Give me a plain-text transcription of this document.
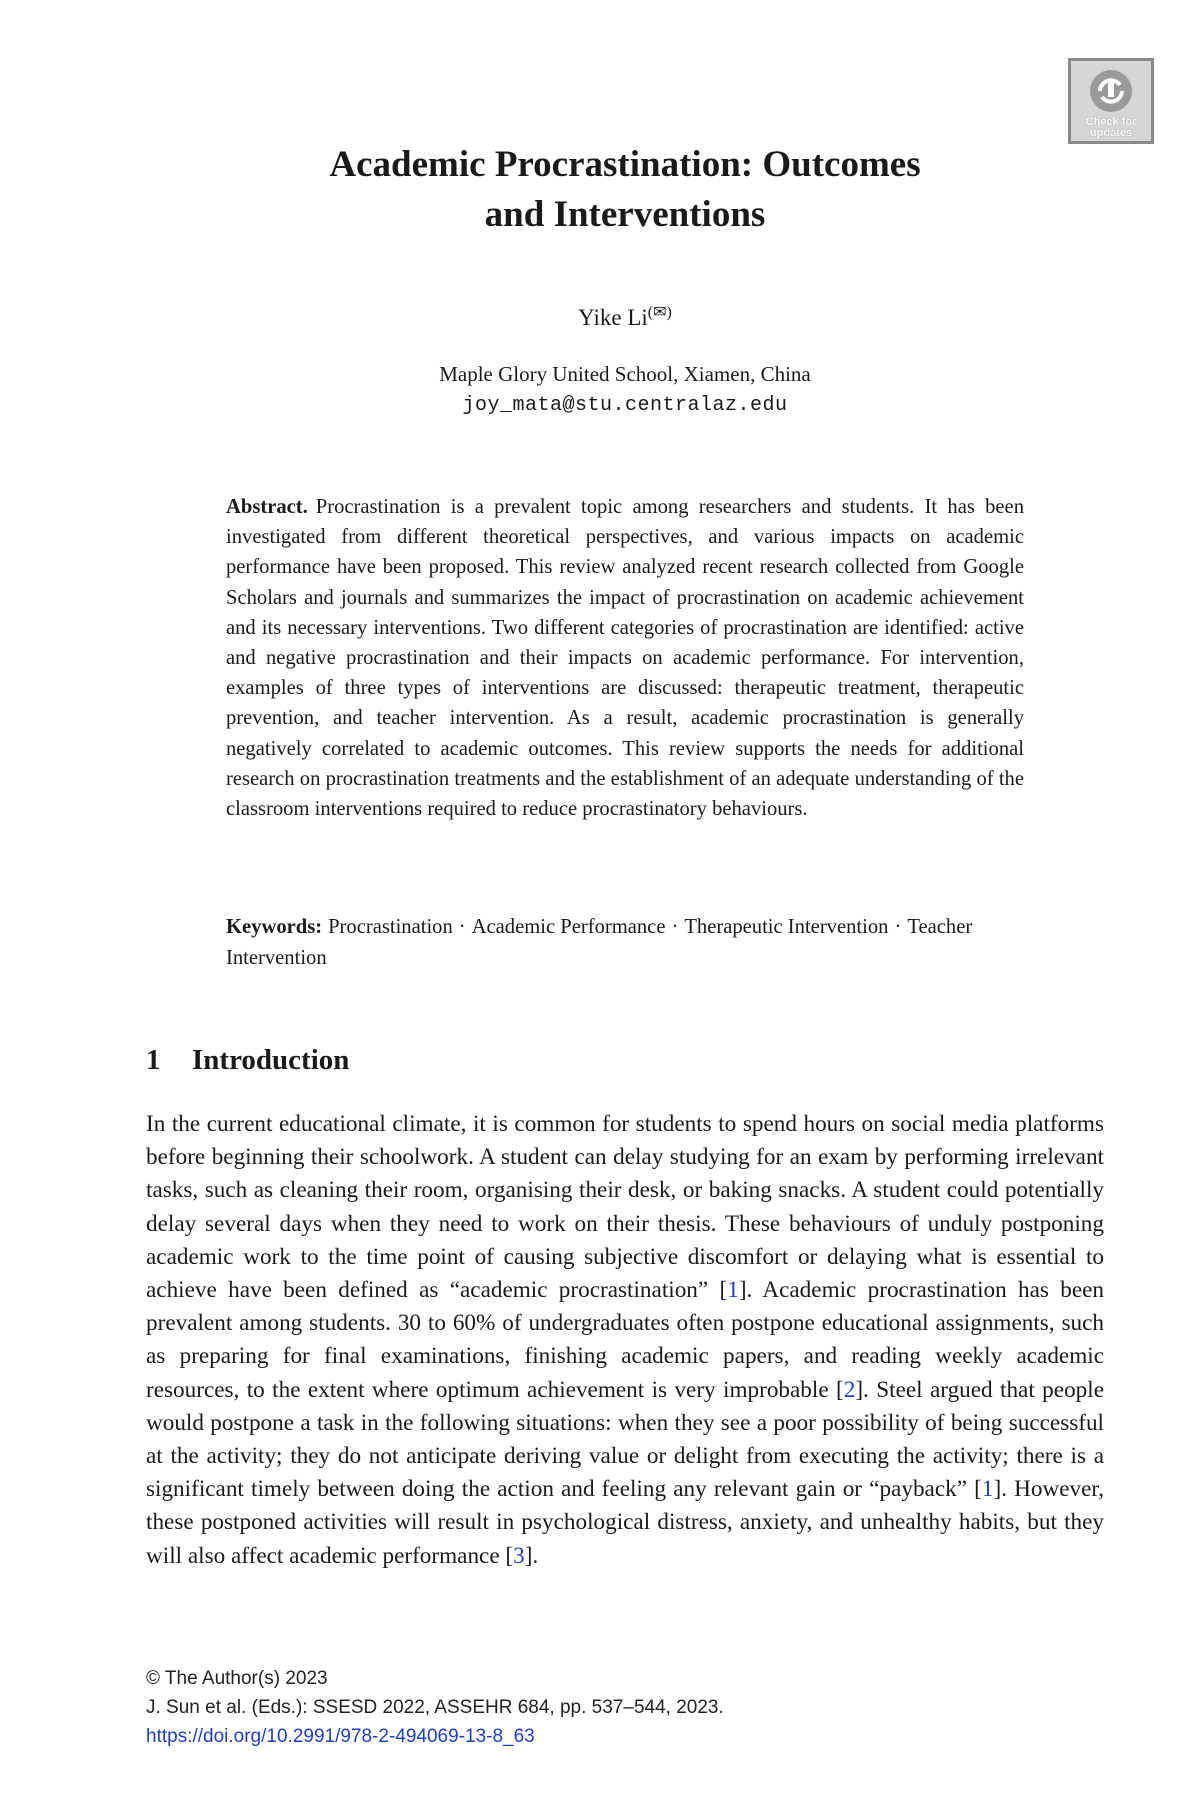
Check for updates
Academic Procrastination: Outcomes
and Interventions
Yike Li(✉)
Maple Glory United School, Xiamen, China
joy_mata@stu.centralaz.edu

Abstract. Procrastination is a prevalent topic among researchers and students. It has been investigated from different theoretical perspectives, and various impacts on academic performance have been proposed. This review analyzed recent research collected from Google Scholars and journals and summarizes the impact of procrastination on academic achievement and its necessary interventions. Two different categories of procrastination are identified: active and negative procrastination and their impacts on academic performance. For intervention, examples of three types of interventions are discussed: therapeutic treatment, therapeutic prevention, and teacher intervention. As a result, academic procrastination is generally negatively correlated to academic outcomes. This review supports the needs for additional research on procrastination treatments and the establishment of an adequate understanding of the classroom interventions required to reduce procrastinatory behaviours.

Keywords: Procrastination · Academic Performance · Therapeutic Intervention · Teacher Intervention

1 Introduction

In the current educational climate, it is common for students to spend hours on social media platforms before beginning their schoolwork. A student can delay studying for an exam by performing irrelevant tasks, such as cleaning their room, organising their desk, or baking snacks. A student could potentially delay several days when they need to work on their thesis. These behaviours of unduly postponing academic work to the time point of causing subjective discomfort or delaying what is essential to achieve have been defined as “academic procrastination” [1]. Academic procrastination has been prevalent among students. 30 to 60% of undergraduates often postpone educational assignments, such as preparing for final examinations, finishing academic papers, and reading weekly academic resources, to the extent where optimum achievement is very improbable [2]. Steel argued that people would postpone a task in the following situations: when they see a poor possibility of being successful at the activity; they do not anticipate deriving value or delight from executing the activity; there is a significant timely between doing the action and feeling any relevant gain or “payback” [1]. However, these postponed activities will result in psychological distress, anxiety, and unhealthy habits, but they will also affect academic performance [3].

© The Author(s) 2023
J. Sun et al. (Eds.): SSESD 2022, ASSEHR 684, pp. 537–544, 2023.
https://doi.org/10.2991/978-2-494069-13-8_63
